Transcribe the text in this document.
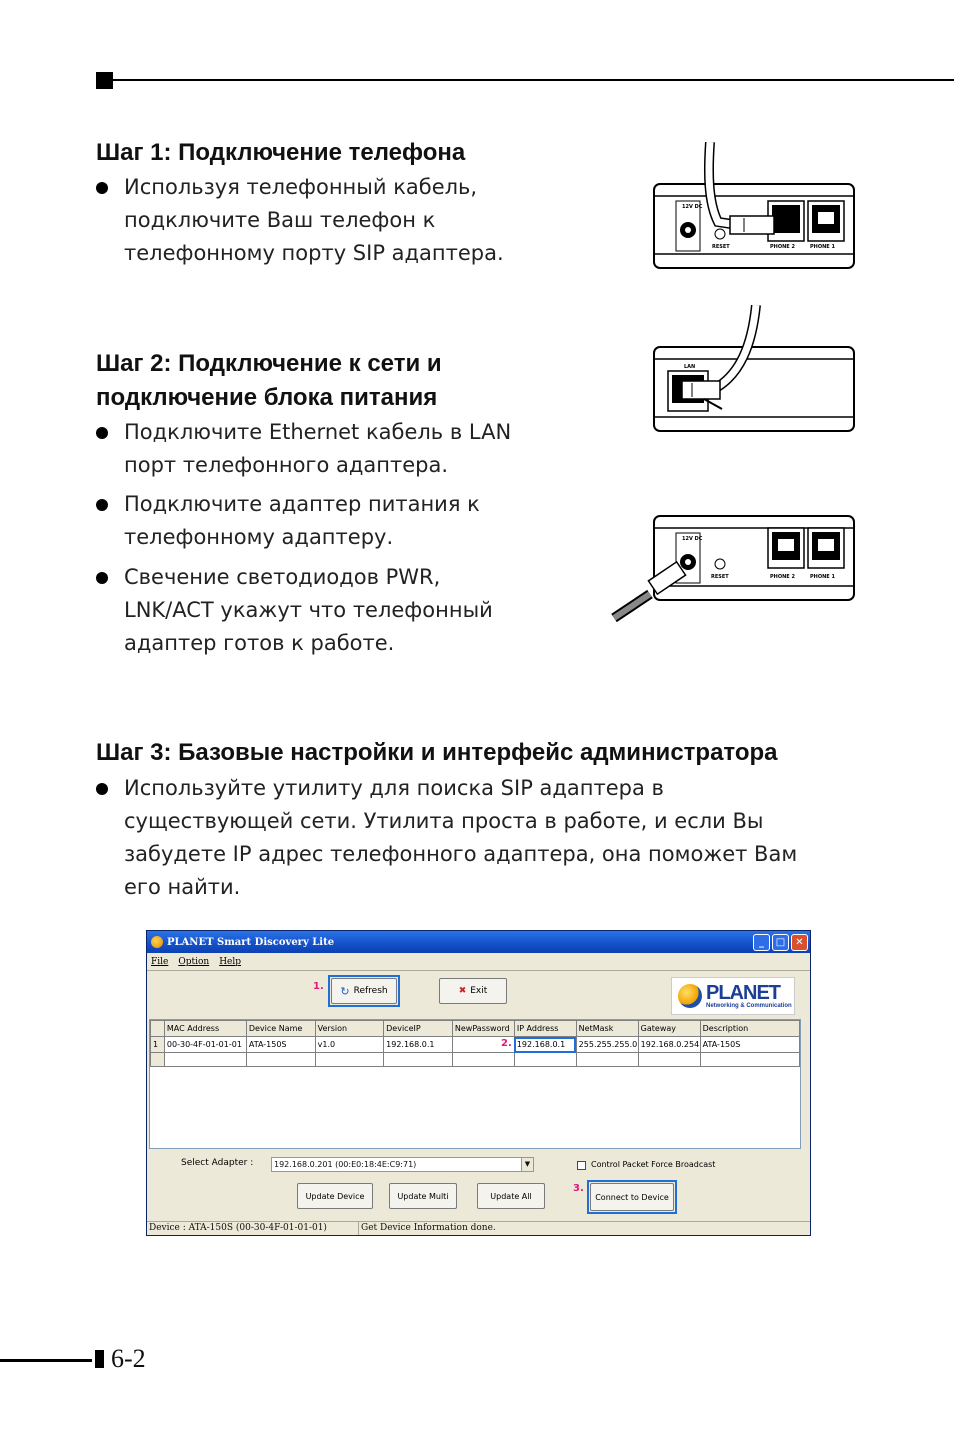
Шаг 1: Подключение телефона
Используя телефонный кабель,
подключите Ваш телефон к
телефонному порту SIP адаптера.
12V DC
RESET	PHONE 2	PHONE 1
Шаг 2: Подключение к сети и
подключение блока питания
Подключите Ethernet кабель в LAN
порт телефонного адаптера.
Подключите адаптер питания к
телефонному адаптеру.
Свечение светодиодов PWR,
LNK/ACT укажут что телефонный
адаптер готов к работе.
LAN
12V DC
RESET	PHONE 2	PHONE 1
Шаг 3: Базовые настройки и интерфейс администратора
Используйте утилиту для поиска SIP адаптера в
существующей сети. Утилита проста в работе, и если Вы
забудете IP адрес телефонного адаптера, она поможет Вам
его найти.
PLANET Smart Discovery Lite	_	□	✕
File Option Help
1. ↻ Refresh	✖ Exit	PLANET
Networking & Communication
	MAC Address	Device Name	Version	DeviceIP	NewPassword	IP Address	NetMask	Gateway	Description
1	00-30-4F-01-01-01	ATA-150S	v1.0	192.168.0.1		192.168.0.1	255.255.255.0	192.168.0.254	ATA-150S

2.
Select Adapter :	192.168.0.201 (00:E0:18:4E:C9:71)	▼	Control Packet Force Broadcast
Update Device	Update Multi	Update All
3.
Connect to Device
Device : ATA-150S (00-30-4F-01-01-01)	Get Device Information done.
6-2
